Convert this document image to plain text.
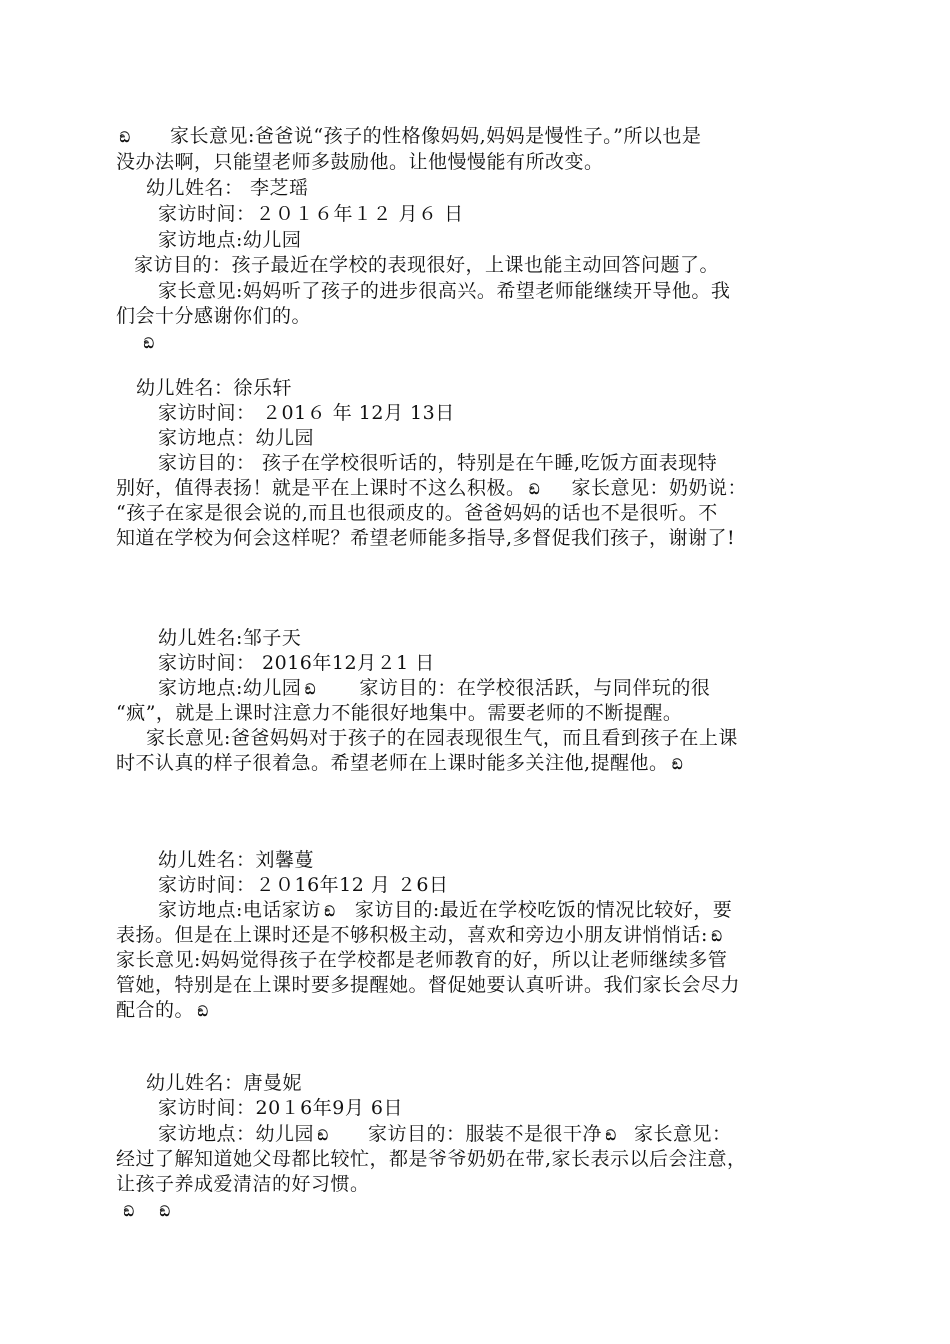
ඞ家长意见:爸爸说“孩子的性格像妈妈,妈妈是慢性子。”所以也是
没办法啊，只能望老师多鼓励他。让他慢慢能有所改变。
幼儿姓名： 李芝瑶
家访时间：２０１６年１２ 月６ 日
家访地点:幼儿园
家访目的：孩子最近在学校的表现很好，上课也能主动回答问题了。
家长意见:妈妈听了孩子的进步很高兴。希望老师能继续开导他。我
们会十分感谢你们的。
ඞ
幼儿姓名：徐乐轩
家访时间： ２01６ 年 12月 13日
家访地点：幼儿园
家访目的： 孩子在学校很听话的，特别是在午睡,吃饭方面表现特
别好，值得表扬！就是平在上课时不这么积极。 ඞ 家长意见：奶奶说：
“孩子在家是很会说的,而且也很顽皮的。爸爸妈妈的话也不是很听。不
知道在学校为何会这样呢？希望老师能多指导,多督促我们孩子，谢谢了!
幼儿姓名:邹子天
家访时间： 2016年12月２1 日
家访地点:幼儿园 ඞ	家访目的：在学校很活跃，与同伴玩的很
“疯”，就是上课时注意力不能很好地集中。需要老师的不断提醒。
家长意见:爸爸妈妈对于孩子的在园表现很生气，而且看到孩子在上课
时不认真的样子很着急。希望老师在上课时能多关注他,提醒他。ඞ
幼儿姓名：刘馨蔓
家访时间：２０16年12 月 ２6日
家访地点:电话家访 ඞ 家访目的:最近在学校吃饭的情况比较好，要
表扬。但是在上课时还是不够积极主动，喜欢和旁边小朋友讲悄悄话:ඞ
家长意见:妈妈觉得孩子在学校都是老师教育的好，所以让老师继续多管
管她，特别是在上课时要多提醒她。督促她要认真听讲。我们家长会尽力
配合的。ඞ
幼儿姓名：唐曼妮
家访时间：20１6年9月 6日
家访地点：幼儿园 ඞ	家访目的：服装不是很干净 ඞ 家长意见：
经过了解知道她父母都比较忙，都是爷爷奶奶在带,家长表示以后会注意，
让孩子养成爱清洁的好习惯。
ඞඞ
